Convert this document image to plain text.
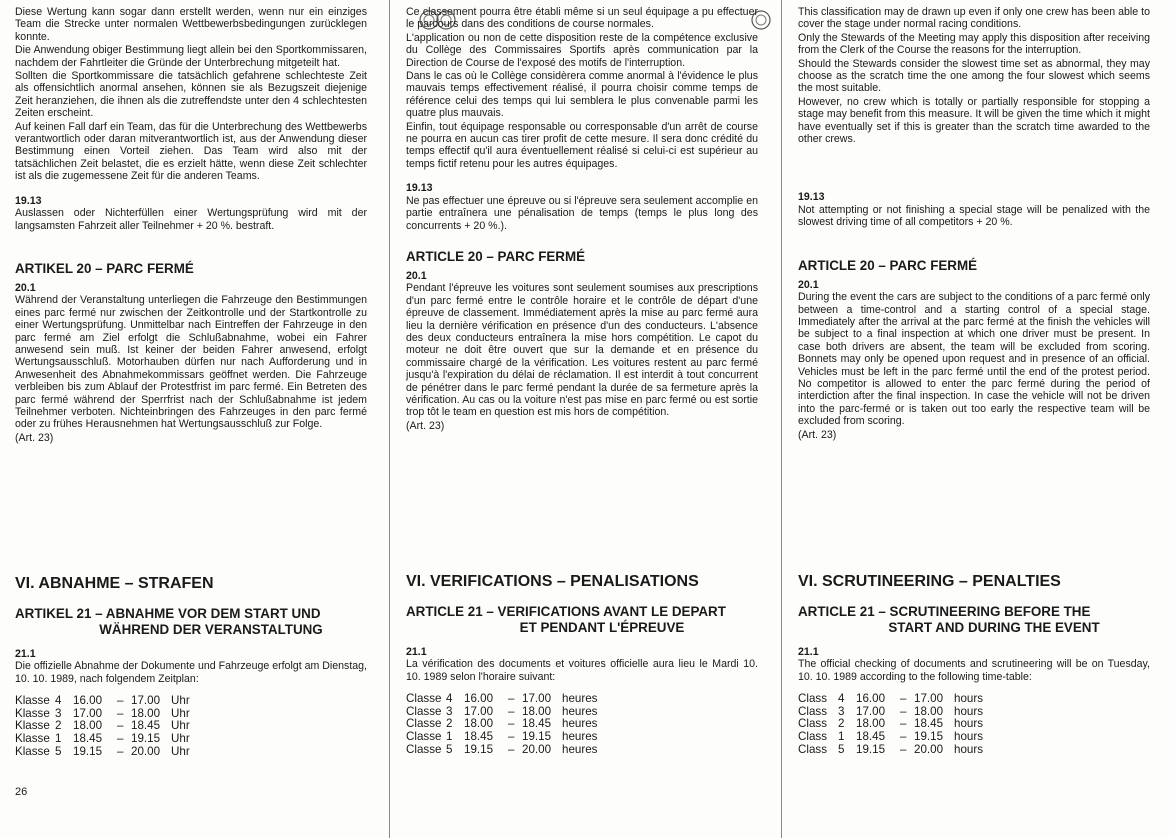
Diese Wertung kann sogar dann erstellt werden, wenn nur ein einziges Team die Strecke unter normalen Wettbewerbsbedingungen zurücklegen konnte.

Die Anwendung obiger Bestimmung liegt allein bei den Sportkommissaren, nachdem der Fahrtleiter die Gründe der Unterbrechung mitgeteilt hat.

Sollten die Sportkommissare die tatsächlich gefahrene schlechteste Zeit als offensichtlich anormal ansehen, können sie als Bezugszeit diejenige Zeit heranziehen, die ihnen als die zutreffendste unter den 4 schlechtesten Zeiten erscheint.

Auf keinen Fall darf ein Team, das für die Unterbrechung des Wettbewerbs verantwortlich oder daran mitverantwortlich ist, aus der Anwendung dieser Bestimmung einen Vorteil ziehen. Das Team wird also mit der tatsächlichen Zeit belastet, die es erzielt hätte, wenn diese Zeit schlechter ist als die zugemessene Zeit für die anderen Teams.

19.13

Auslassen oder Nichterfüllen einer Wertungsprüfung wird mit der langsamsten Fahrzeit aller Teilnehmer + 20 %. bestraft.

ARTIKEL 20 – PARC FERMÉ

20.1

Während der Veranstaltung unterliegen die Fahrzeuge den Bestimmungen eines parc fermé nur zwischen der Zeitkontrolle und der Startkontrolle zu einer Wertungsprüfung. Unmittelbar nach Eintreffen der Fahrzeuge in den parc fermé am Ziel erfolgt die Schlußabnahme, wobei ein Fahrer anwesend sein muß. Ist keiner der beiden Fahrer anwesend, erfolgt Wertungsausschluß. Motorhauben dürfen nur nach Aufforderung und in Anwesenheit des Abnahmekommissars geöffnet werden. Die Fahrzeuge verbleiben bis zum Ablauf der Protestfrist im parc fermé. Ein Betreten des parc fermé während der Sperrfrist nach der Schlußabnahme ist jedem Teilnehmer verboten. Nichteinbringen des Fahrzeuges in den parc fermé oder zu frühes Herausnehmen hat Wertungsausschluß zur Folge.

(Art. 23)

VI. ABNAHME – STRAFEN

ARTIKEL 21 – ABNAHME VOR DEM START UND
WÄHREND DER VERANSTALTUNG

21.1

Die offizielle Abnahme der Dokumente und Fahrzeuge erfolgt am Dienstag, 10. 10. 1989, nach folgendem Zeitplan:

Klasse 4 16.00	– 17.00 Uhr
Klasse 3 17.00	– 18.00 Uhr
Klasse 2 18.00	– 18.45 Uhr
Klasse 1 18.45	– 19.15 Uhr
Klasse 5 19.15	– 20.00 Uhr

Ce classement pourra être établi même si un seul équipage a pu effectuer le parcours dans des conditions de course normales.

L'application ou non de cette disposition reste de la compétence exclusive du Collège des Commissaires Sportifs après communication par la Direction de Course de l'exposé des motifs de l'interruption.

Dans le cas où le Collège considèrera comme anormal à l'évidence le plus mauvais temps effectivement réalisé, il pourra choisir comme temps de référence celui des temps qui lui semblera le plus convenable parmi les quatre plus mauvais.

Einfin, tout équipage responsable ou corresponsable d'un arrêt de course ne pourra en aucun cas tirer profit de cette mesure. Il sera donc crédité du temps effectif qu'il aura éventuellement réalisé si celui-ci est supérieur au temps fictif retenu pour les autres équipages.

19.13

Ne pas effectuer une épreuve ou si l'épreuve sera seulement accomplie en partie entraînera une pénalisation de temps (temps le plus long des concurrents + 20 %.).

ARTICLE 20 – PARC FERMÉ

20.1

Pendant l'épreuve les voitures sont seulement soumises aux prescriptions d'un parc fermé entre le contrôle horaire et le contrôle de départ d'une épreuve de classement. Immédiatement après la mise au parc fermé aura lieu la dernière vérification en présence d'un des conducteurs. L'absence des deux conducteurs entraînera la mise hors compétition. Le capot du moteur ne doit être ouvert que sur la demande et en présence du commissaire chargé de la vérification. Les voitures restent au parc fermé jusqu'à l'expiration du délai de réclamation. Il est interdit à tout concurrent de pénétrer dans le parc fermé pendant la durée de sa fermeture après la vérification. Au cas ou la voiture n'est pas mise en parc fermé ou est sortie trop tôt le team en question est mis hors de compétition.

(Art. 23)

VI. VERIFICATIONS – PENALISATIONS

ARTICLE 21 – VERIFICATIONS AVANT LE DEPART
ET PENDANT L'ÉPREUVE

21.1

La vérification des documents et voitures officielle aura lieu le Mardi 10. 10. 1989 selon l'horaire suivant:

Classe 4 16.00	– 17.00 heures
Classe 3 17.00	– 18.00 heures
Classe 2 18.00	– 18.45 heures
Classe 1 18.45	– 19.15 heures
Classe 5 19.15	– 20.00 heures

This classification may de drawn up even if only one crew has been able to cover the stage under normal racing conditions.

Only the Stewards of the Meeting may apply this disposition after receiving from the Clerk of the Course the reasons for the interruption.

Should the Stewards consider the slowest time set as abnormal, they may choose as the scratch time the one among the four slowest which seems the most suitable.

However, no crew which is totally or partially responsible for stopping a stage may benefit from this measure. It will be given the time which it might have eventually set if this is greater than the scratch time awarded to the other crews.

19.13

Not attempting or not finishing a special stage will be penalized with the slowest driving time of all competitors + 20 %.

ARTICLE 20 – PARC FERMÉ

20.1

During the event the cars are subject to the conditions of a parc fermé only between a time-control and a starting control of a special stage. Immediately after the arrival at the parc fermé at the finish the vehicles will be subject to a final inspection at which one driver must be present. In case both drivers are absent, the team will be excluded from scoring. Bonnets may only be opened upon request and in presence of an official. Vehicles must be left in the parc fermé until the end of the protest period. No competitor is allowed to enter the parc fermé during the period of interdiction after the final inspection. In case the vehicle will not be driven into the parc-fermé or is taken out too early the respective team will be excluded from scoring.

(Art. 23)

VI. SCRUTINEERING – PENALTIES

ARTICLE 21 – SCRUTINEERING BEFORE THE
START AND DURING THE EVENT

21.1

The official checking of documents and scrutineering will be on Tuesday, 10. 10. 1989 according to the following time-table:

Class 4 16.00	– 17.00 hours
Class 3 17.00	– 18.00 hours
Class 2 18.00	– 18.45 hours
Class 1 18.45	– 19.15 hours
Class 5 19.15	– 20.00 hours
26
